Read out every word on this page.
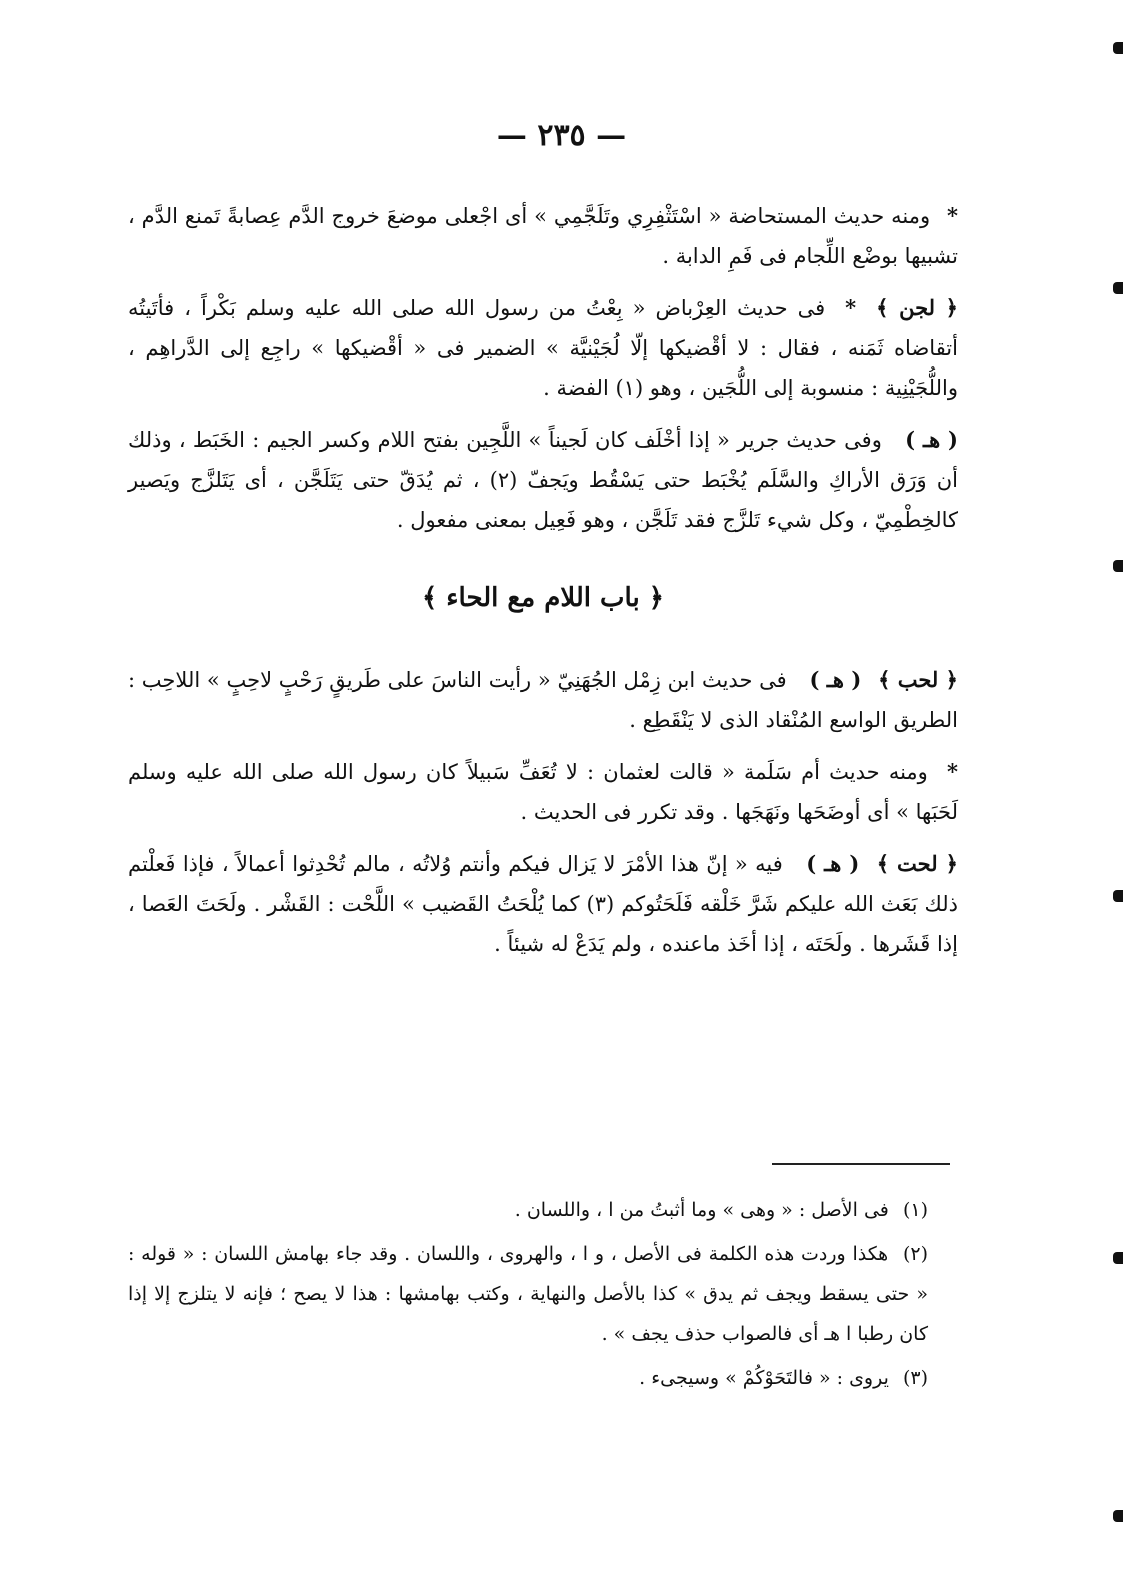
— ٢٣٥ —

* ومنه حديث المستحاضة « اسْتَثْفِرِي وتَلَجَّمِي » أى اجْعلى موضعَ خروج الدَّم عِصابةً تَمنع الدَّم ، تشبيها بوضْع اللِّجام فى فَمِ الدابة .

﴿ لجن ﴾ * فى حديث العِرْباض « بِعْتُ من رسول الله صلى الله عليه وسلم بَكْراً ، فأتَيتُه أتقاضاه ثَمَنه ، فقال : لا أقْضيكها إلّا لُجَيْنيَّة » الضمير فى « أقْضيكها » راجِع إلى الدَّراهِم ، واللُّجَيْنِية : منسوبة إلى اللُّجَين ، وهو (١) الفضة .

( هـ ) وفى حديث جرير « إذا أخْلَف كان لَجيناً » اللَّجِين بفتح اللام وكسر الجيم : الخَبَط ، وذلك أن وَرَق الأراكِ والسَّلَم يُخْبَط حتى يَسْقُط ويَجفّ (٢) ، ثم يُدَقّ حتى يَتَلَجَّن ، أى يَتَلزَّج ويَصير كالخِطْمِيّ ، وكل شيء تَلزَّج فقد تَلَجَّن ، وهو فَعِيل بمعنى مفعول .

﴿ باب اللام مع الحاء ﴾

﴿ لحب ﴾ ( هـ ) فى حديث ابن زِمْل الجُهَنِيّ « رأيت الناسَ على طَريقٍ رَحْبٍ لاحِبٍ » اللاحِب : الطريق الواسع المُنْقاد الذى لا يَنْقَطِع .

* ومنه حديث أم سَلَمة « قالت لعثمان : لا تُعَفِّ سَبيلاً كان رسول الله صلى الله عليه وسلم لَحَبَها » أى أوضَحَها ونَهَجَها . وقد تكرر فى الحديث .

﴿ لحت ﴾ ( هـ ) فيه « إنّ هذا الأمْرَ لا يَزال فيكم وأنتم وُلاتُه ، مالم تُحْدِثوا أعمالاً ، فإذا فَعلْتم ذلك بَعَث الله عليكم شَرَّ خَلْقه فَلَحَتُوكم (٣) كما يُلْحَتُ القَضيب » اللَّحْت : القَشْر . ولَحَتَ العَصا ، إذا قَشَرها . ولَحَتَه ، إذا أخَذ ماعنده ، ولم يَدَعْ له شيئاً .

(١) فى الأصل : « وهى » وما أثبتُ من ا ، واللسان .

(٢) هكذا وردت هذه الكلمة فى الأصل ، و ا ، والهروى ، واللسان . وقد جاء بهامش اللسان : « قوله : « حتى يسقط ويجف ثم يدق » كذا بالأصل والنهاية ، وكتب بهامشها : هذا لا يصح ؛ فإنه لا يتلزج إلا إذا كان رطبا ا هـ أى فالصواب حذف يجف » .

(٣) يروى : « فالتَحَوْكُمْ » وسيجىء .
